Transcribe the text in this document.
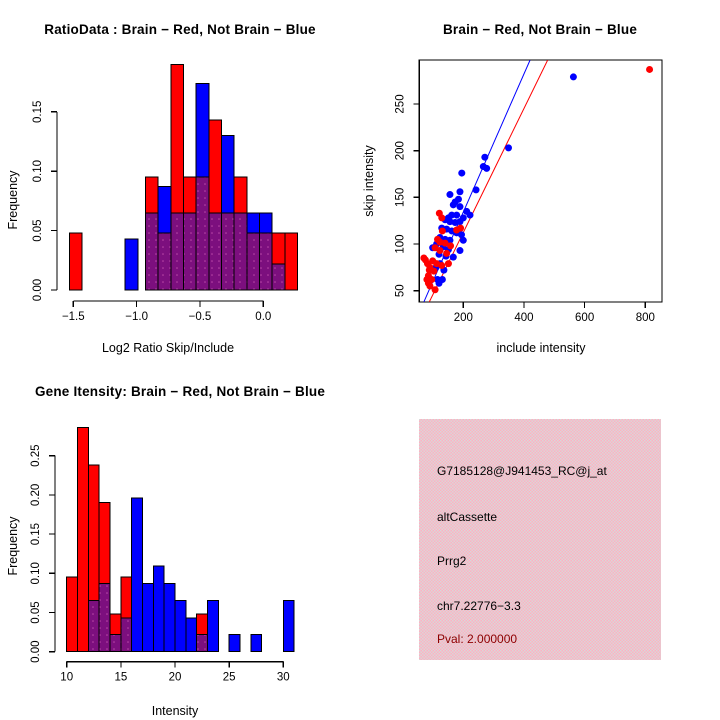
RatioData : Brain − Red, Not Brain − Blue
−1.5	−1.0	−0.5	0.0
0.00
0.05
0.10
0.15
Log2 Ratio Skip/Include
Frequency
Brain − Red, Not Brain − Blue
200	400	600	800
50
100
150
200
250
include intensity
skip intensity
Gene Itensity: Brain − Red, Not Brain − Blue
10	15	20	25	30
0.00
0.05
0.10
0.15
0.20
0.25
Intensity
Frequency
G7185128@J941453_RC@j_at
altCassette
Prrg2
chr7.22776−3.3
Pval: 2.000000
